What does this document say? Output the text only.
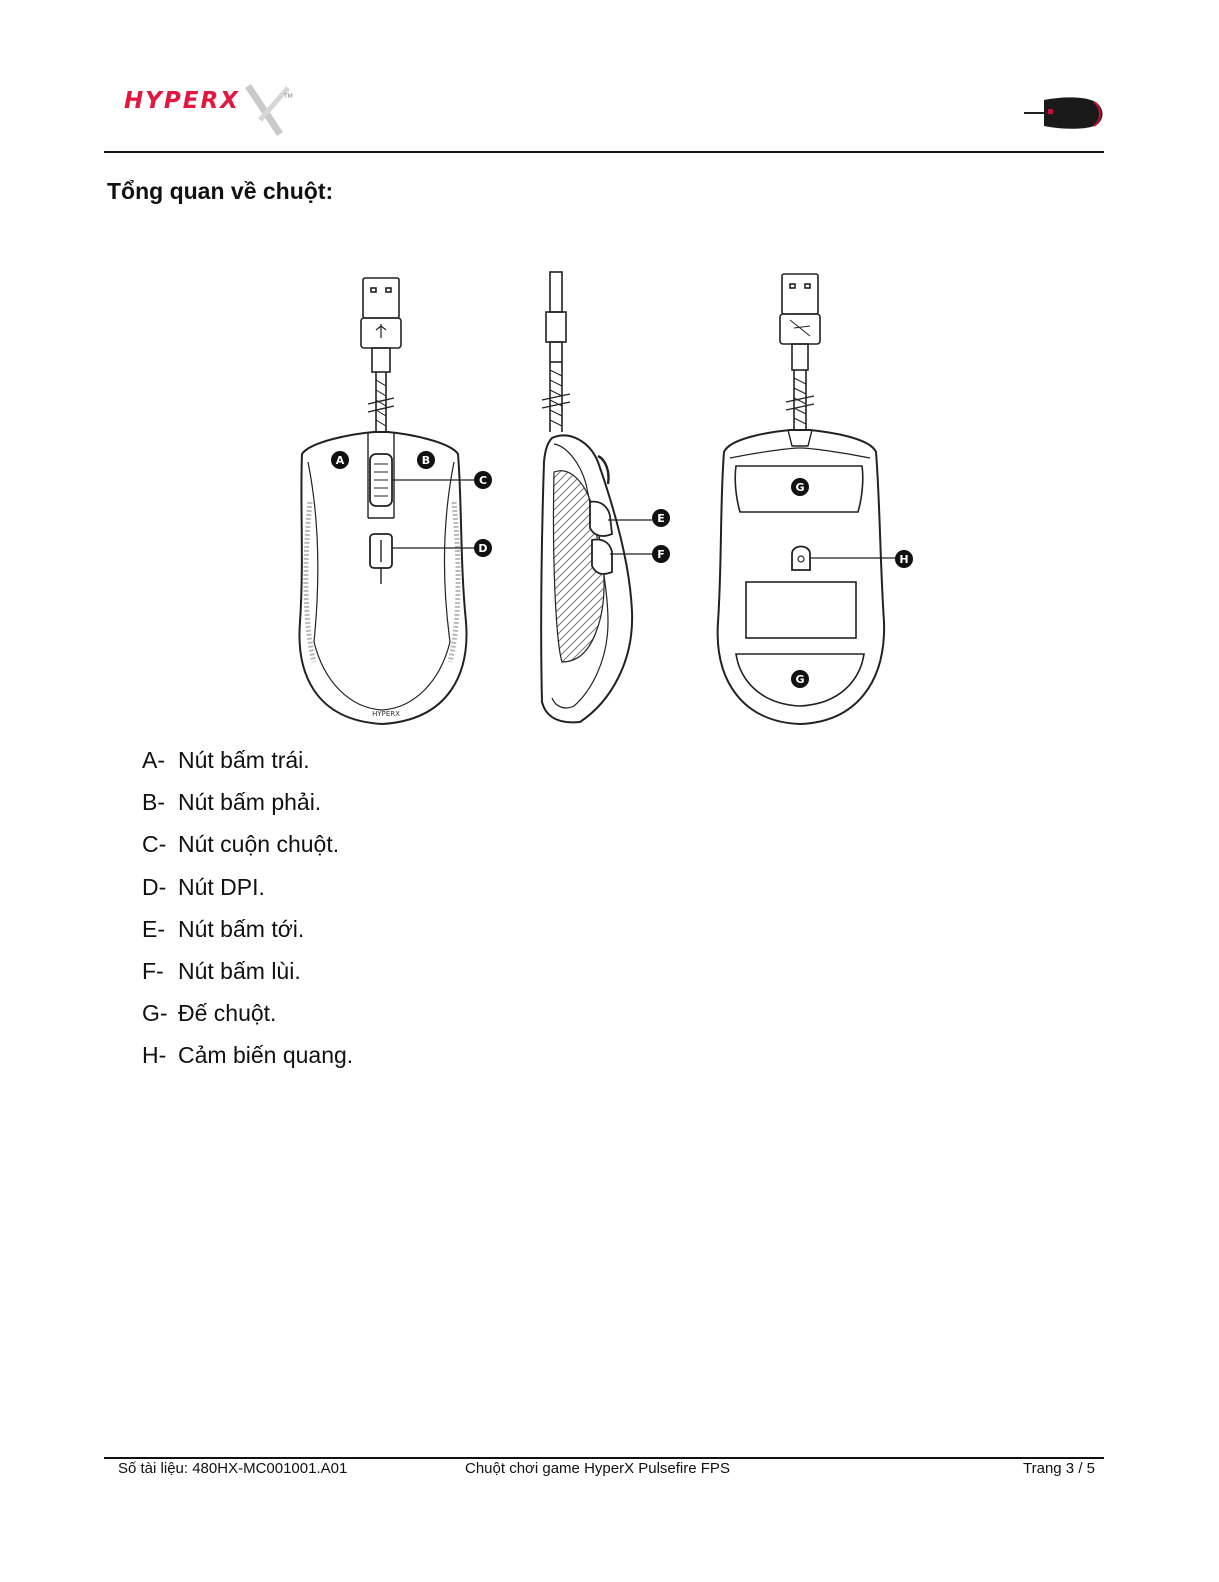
HYPERX	TM
Tổng quan về chuột:
HYPERX
A	B
C
D
E
F
G
G
H
A- Nút bấm trái.
B- Nút bấm phải.
C- Nút cuộn chuột.
D- Nút DPI.
E- Nút bấm tới.
F- Nút bấm lùi.
G- Đế chuột.
H- Cảm biến quang.
Số tài liệu: 480HX-MC001001.A01	Chuột chơi game HyperX Pulsefire FPS	Trang 3 / 5
